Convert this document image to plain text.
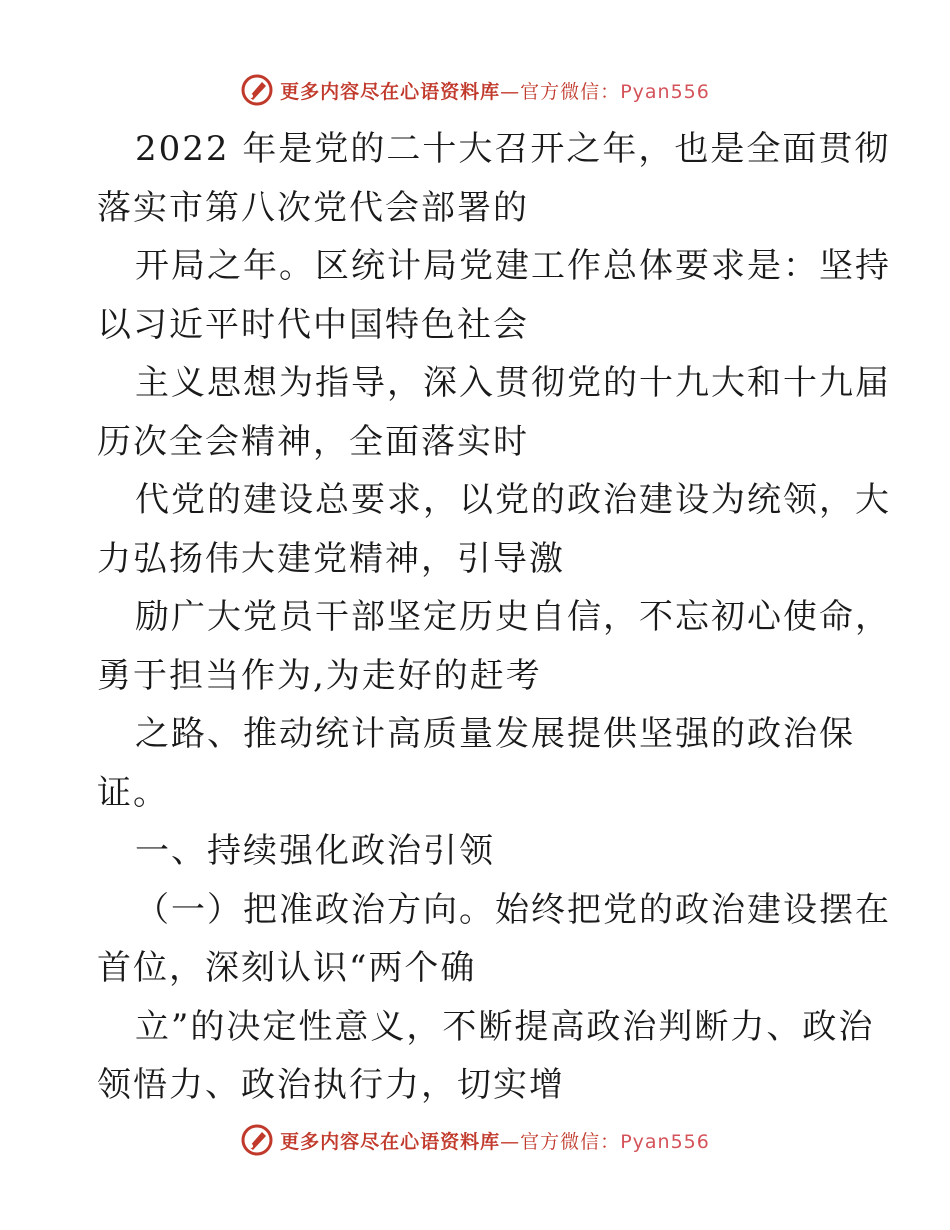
更多内容尽在心语资料库—官方微信：Pyan556
2022 年是党的二十大召开之年，也是全面贯彻
落实市第八次党代会部署的
开局之年。区统计局党建工作总体要求是：坚持
以习近平时代中国特色社会
主义思想为指导，深入贯彻党的十九大和十九届
历次全会精神，全面落实时
代党的建设总要求，以党的政治建设为统领，大
力弘扬伟大建党精神，引导激
励广大党员干部坚定历史自信，不忘初心使命，
勇于担当作为,为走好的赶考
之路、推动统计高质量发展提供坚强的政治保
证。
一、持续强化政治引领
（一）把准政治方向。始终把党的政治建设摆在
首位，深刻认识“两个确
立”的决定性意义，不断提高政治判断力、政治
领悟力、政治执行力，切实增
更多内容尽在心语资料库—官方微信：Pyan556
